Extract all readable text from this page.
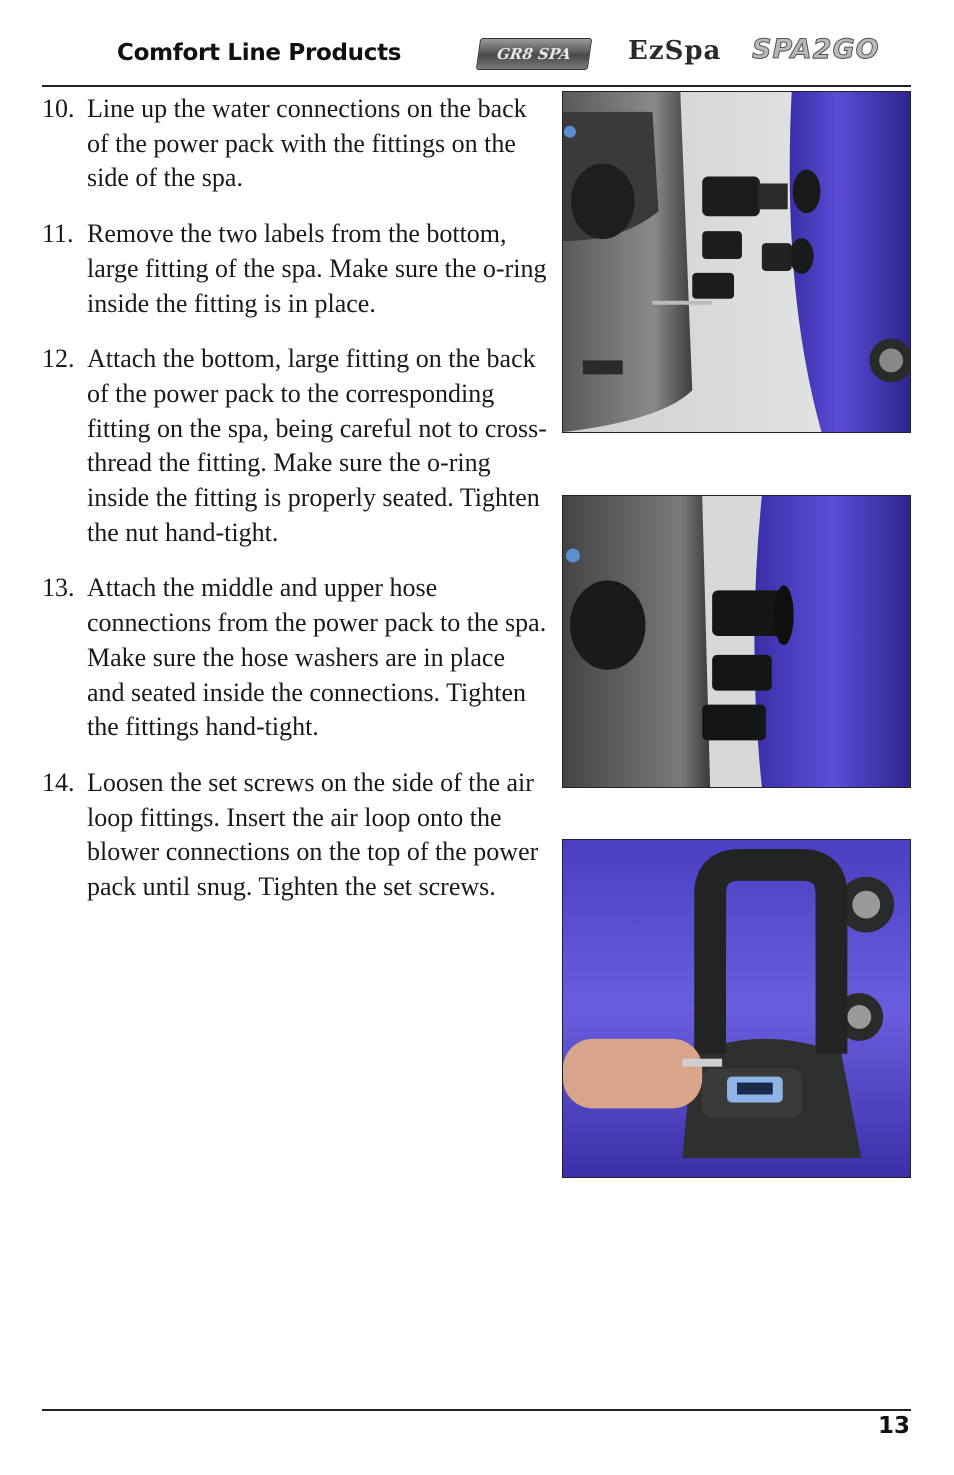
Comfort Line Products	GR8 SPA	EzSpa SPA2GO
10. Line up the water connections on the back of the power pack with the fittings on the side of the spa.
11. Remove the two labels from the bottom, large fitting of the spa. Make sure the o-ring inside the fitting is in place.
12. Attach the bottom, large fitting on the back of the power pack to the corresponding fitting on the spa, being careful not to cross-thread the fitting. Make sure the o-ring inside the fitting is properly seated. Tighten the nut hand-tight.
13. Attach the middle and upper hose connections from the power pack to the spa. Make sure the hose washers are in place and seated inside the connections. Tighten the fittings hand-tight.
14. Loosen the set screws on the side of the air loop fittings. Insert the air loop onto the blower connections on the top of the power pack until snug. Tighten the set screws.
13
